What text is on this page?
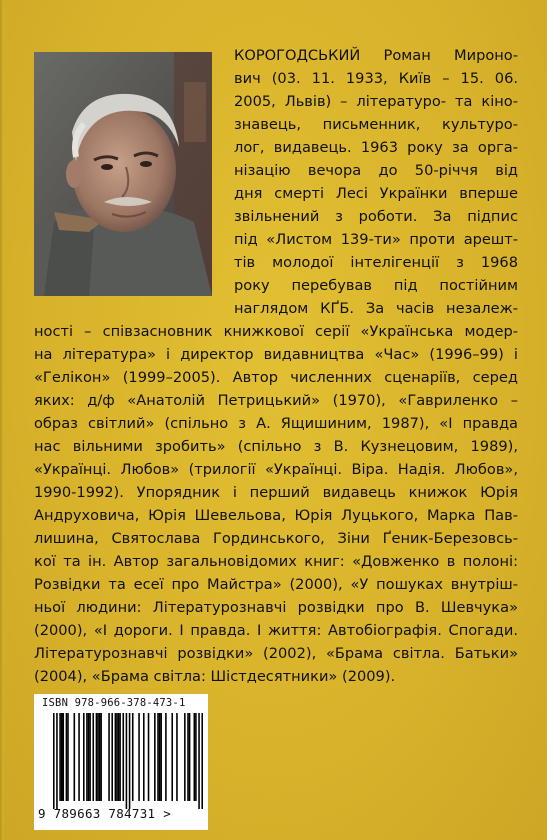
КОРОГОДСЬКИЙ Роман Мироно-
вич (03. 11. 1933, Київ – 15. 06.
2005, Львів) – літературо- та кіно-
знавець, письменник, культуро-
лог, видавець. 1963 року за орга-
нізацію вечора до 50-річчя від
дня смерті Лесі Українки вперше
звільнений з роботи. За підпис
під «Листом 139-ти» проти арешт-
тів молодої інтелігенції з 1968
року перебував під постійним
наглядом КҐБ. За часів незалеж-
ності – співзасновник книжкової серії «Українська модер-
на література» і директор видавництва «Час» (1996–99) і
«Гелікон» (1999–2005). Автор численних сценаріїв, серед
яких: д/ф «Анатолій Петрицький» (1970), «Гавриленко –
образ світлий» (спільно з А. Ящишиним, 1987), «І правда
нас вільними зробить» (спільно з В. Кузнецовим, 1989),
«Українці. Любов» (трилогії «Українці. Віра. Надія. Любов»,
1990-1992). Упорядник і перший видавець книжок Юрія
Андруховича, Юрія Шевельова, Юрія Луцького, Марка Пав-
лишина, Святослава Гординського, Зіни Ґеник-Березовсь-
кої та ін. Автор загальновідомих книг: «Довженко в полоні:
Розвідки та есеї про Майстра» (2000), «У пошуках внутріш-
ньої людини: Літературознавчі розвідки про В. Шевчука»
(2000), «І дороги. І правда. І життя: Автобіографія. Спогади.
Літературознавчі розвідки» (2002), «Брама світла. Батьки»
(2004), «Брама світла: Шістдесятники» (2009).
ISBN 978-966-378-473-1
9 789663 784731 >
